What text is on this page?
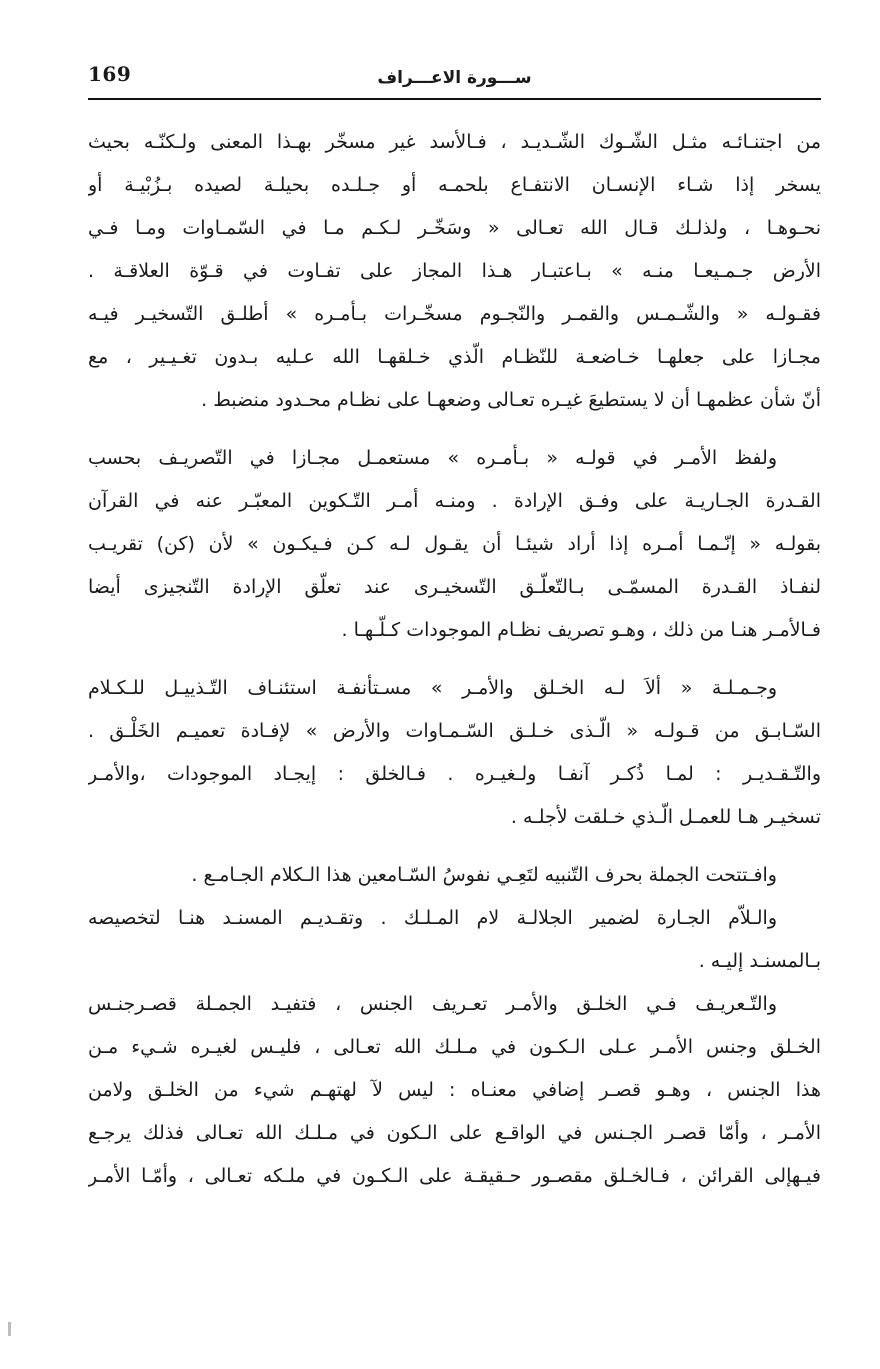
169	ســـورة الاعـــراف
من اجتنـائـه مثـل الشّـوك الشّـديـد ، فـالأسد غير مسخّر بهـذا المعنى ولـكنّـه بحيث
يسخر إذا شـاء الإنسـان الانتفـاع بلحمـه أو جـلـده بحيلـة لصيده بـزُبْيـة أو
نحـوهـا ، ولذلـك قـال الله تعـالى « وسَخّـر لـكـم مـا في السّمـاوات ومـا فـي
الأرض جـمـيعـا منـه » بـاعتبـار هـذا المجاز على تفـاوت في قـوّة العلاقـة .
فقـولـه « والشّـمـس والقمـر والنّجـوم مسخّـرات بـأمـره » أطلـق التّسخيـر فيـه
مجـازا على جعلهـا خـاضعـة للنّظـام الّذي خـلقهـا الله عـليه بـدون تغـيـير ، مع
أنّ شأن عظمهـا أن لا يستطيعَ غيـره تعـالى وضعهـا على نظـام محـدود منضبط .
ولفظ الأمـر في قولـه « بـأمـره » مستعمـل مجـازا في التّصريـف بحسب
القـدرة الجـاريـة على وفـق الإرادة . ومنـه أمـر التّـكوين المعبّـر عنه في القرآن
بقولـه « إنّـمـا أمـره إذا أراد شيئـا أن يقـول لـه كـن فـيكـون » لأن (كن) تقريـب
لنفـاذ القـدرة المسمّـى بـالتّعلّـق التّسخيـرى عند تعلّق الإرادة التّنجيزى أيضا
فـالأمـر هنـا من ذلك ، وهـو تصريف نظـام الموجودات كـلّـهـا .
وجـمـلـة « ألاَ لـه الخـلق والأمـر » مسـتأنفـة استئنـاف التّـذييـل للـكـلام
السّـابـق من قـولـه « الّـذى خـلـق السّـمـاوات والأرض » لإفـادة تعميـم الخَلْـق .
والتّـقـديـر : لمـا ذُكـر آنفـا ولـغيـره . فـالخلق : إيجـاد الموجودات ،والأمـر
تسخيـر هـا للعمـل الّـذي خـلقت لأجلـه .
وافـتتحت الجملة بحرف التّنبيه لتَعِـي نفوسُ السّـامعين هذا الـكلام الجـامـع .
والـلاّم الجـارة لضمير الجلالـة لام المـلـك . وتقـديـم المسنـد هنـا لتخصيصه
بـالمسنـد إليـه .
والتّـعريـف فـي الخلـق والأمـر تعـريف الجنس ، فتفيـد الجمـلة قصـرجنـس
الخـلق وجنس الأمـر عـلى الـكـون في مـلـك الله تعـالى ، فليـس لغيـره شـيء مـن
هذا الجنس ، وهـو قصـر إضافي معنـاه : ليس لآ لهتهـم شيء من الخلـق ولامن
الأمـر ، وأمّا قصـر الجـنس في الواقـع على الـكون في مـلـك الله تعـالى فذلك يرجـع
فيـهإلى القرائن ، فـالخـلق مقصـور حـقيقـة على الـكـون في ملـكه تعـالى ، وأمّـا الأمـر
